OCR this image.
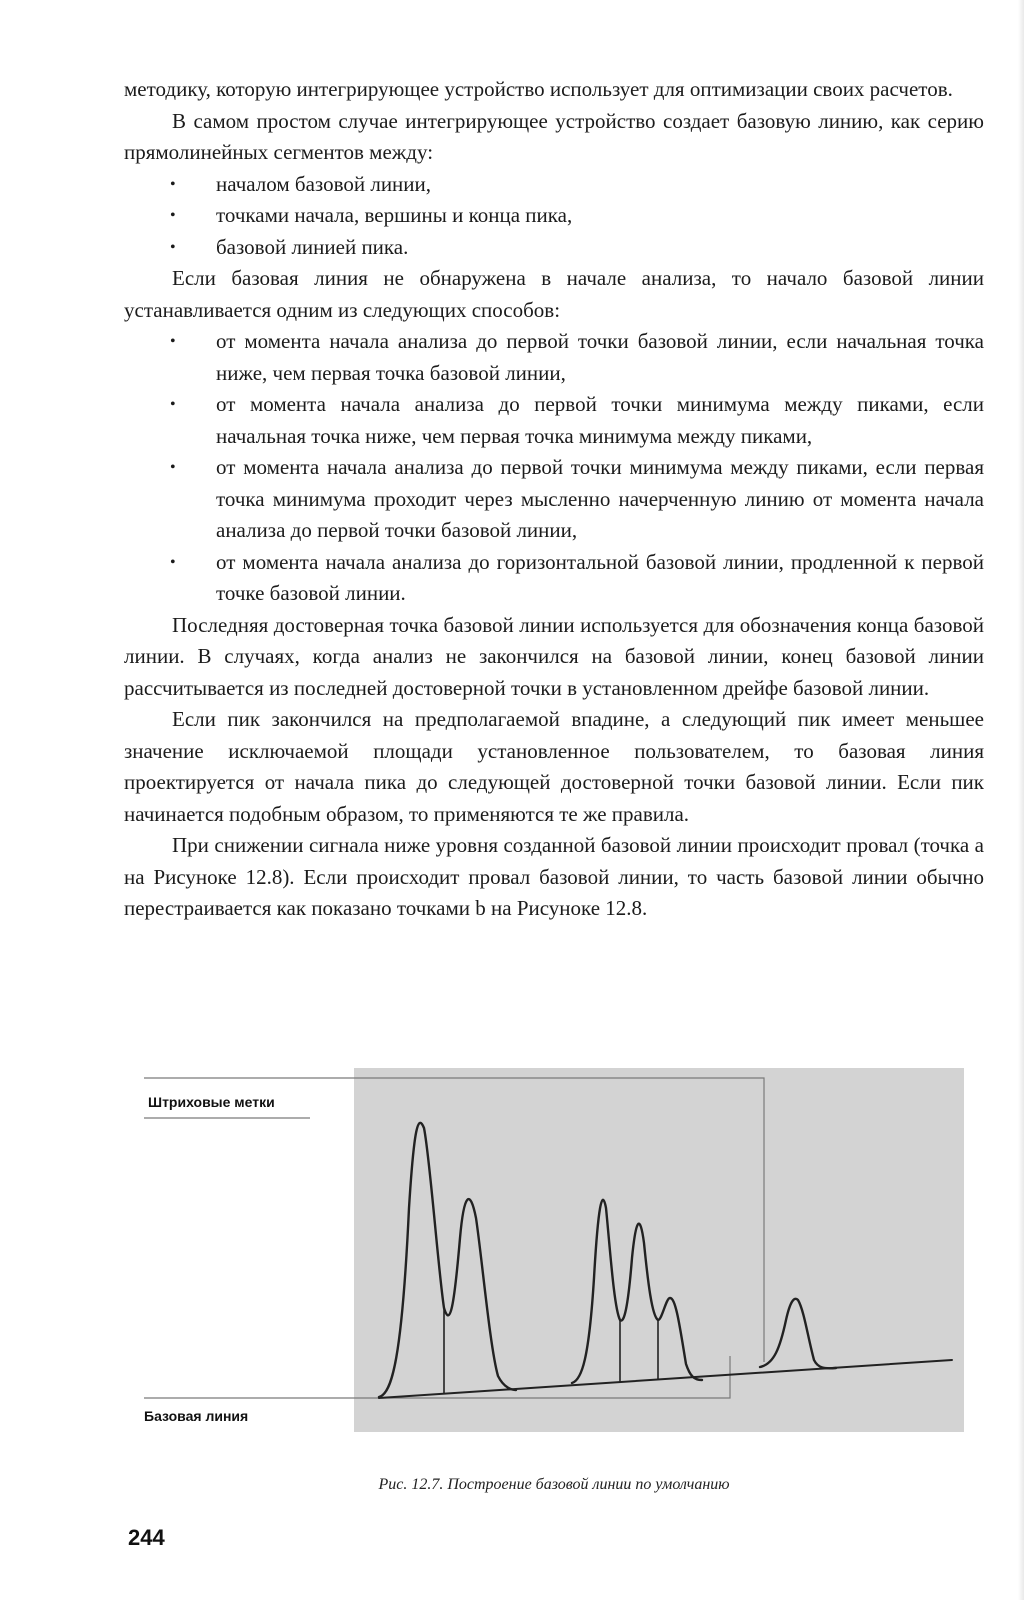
методику, которую интегрирующее устройство использует для оптимизации своих расчетов.

В самом простом случае интегрирующее устройство создает базовую линию, как серию прямолинейных сегментов между:

• началом базовой линии,
• точками начала, вершины и конца пика,
• базовой линией пика.

Если базовая линия не обнаружена в начале анализа, то начало базовой линии устанавливается одним из следующих способов:

• от момента начала анализа до первой точки базовой линии, если начальная точка ниже, чем первая точка базовой линии,
• от момента начала анализа до первой точки минимума между пиками, если начальная точка ниже, чем первая точка минимума между пиками,
• от момента начала анализа до первой точки минимума между пиками, если первая точка минимума проходит через мысленно начерченную линию от момента начала анализа до первой точки базовой линии,
• от момента начала анализа до горизонтальной базовой линии, продленной к первой точке базовой линии.

Последняя достоверная точка базовой линии используется для обозначения конца базовой линии. В случаях, когда анализ не закончился на базовой линии, конец базовой линии рассчитывается из последней достоверной точки в установленном дрейфе базовой линии.

Если пик закончился на предполагаемой впадине, а следующий пик имеет меньшее значение исключаемой площади установленное пользователем, то базовая линия проектируется от начала пика до следующей достоверной точки базовой линии. Если пик начинается подобным образом, то применяются те же правила.

При снижении сигнала ниже уровня созданной базовой линии происходит провал (точка а на Рисунoке 12.8). Если происходит провал базовой линии, то часть базовой линии обычно перестраивается как показано точками b на Рисунoке 12.8.

Штриховые метки
Базовая линия
Рис. 12.7. Построение базовой линии по умолчанию
244
